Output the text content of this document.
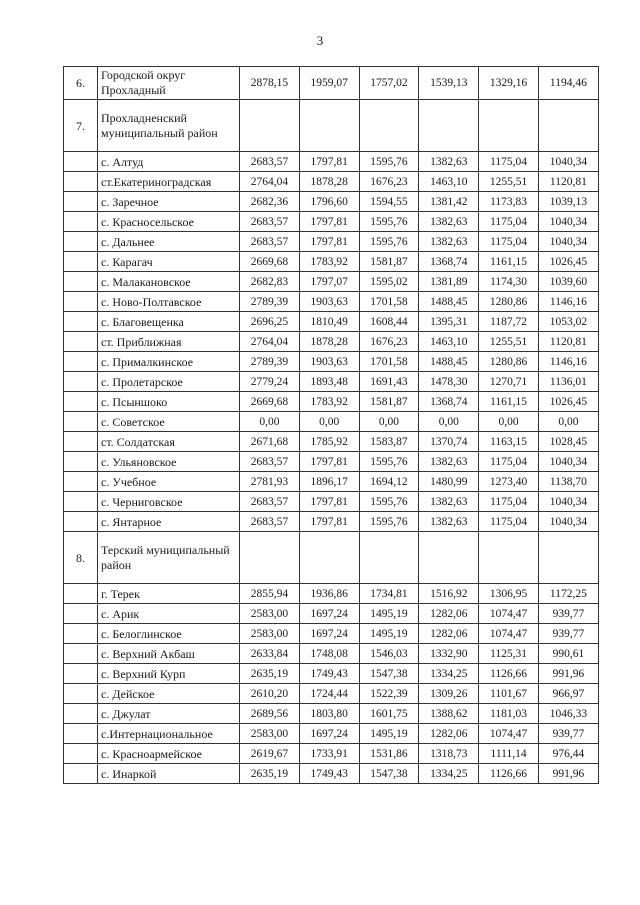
3
6.	Городской округ Прохладный	2878,15	1959,07	1757,02	1539,13	1329,16	1194,46
7.	Прохладненский муниципальный район						
	с. Алтуд	2683,57	1797,81	1595,76	1382,63	1175,04	1040,34
	ст.Екатериноградская	2764,04	1878,28	1676,23	1463,10	1255,51	1120,81
	с. Заречное	2682,36	1796,60	1594,55	1381,42	1173,83	1039,13
	с. Красносельское	2683,57	1797,81	1595,76	1382,63	1175,04	1040,34
	с. Дальнее	2683,57	1797,81	1595,76	1382,63	1175,04	1040,34
	с. Карагач	2669,68	1783,92	1581,87	1368,74	1161,15	1026,45
	с. Малакановское	2682,83	1797,07	1595,02	1381,89	1174,30	1039,60
	с. Ново-Полтавское	2789,39	1903,63	1701,58	1488,45	1280,86	1146,16
	с. Благовещенка	2696,25	1810,49	1608,44	1395,31	1187,72	1053,02
	ст. Приближная	2764,04	1878,28	1676,23	1463,10	1255,51	1120,81
	с. Прималкинское	2789,39	1903,63	1701,58	1488,45	1280,86	1146,16
	с. Пролетарское	2779,24	1893,48	1691,43	1478,30	1270,71	1136,01
	с. Псыншоко	2669,68	1783,92	1581,87	1368,74	1161,15	1026,45
	с. Советское	0,00	0,00	0,00	0,00	0,00	0,00
	ст. Солдатская	2671,68	1785,92	1583,87	1370,74	1163,15	1028,45
	с. Ульяновское	2683,57	1797,81	1595,76	1382,63	1175,04	1040,34
	с. Учебное	2781,93	1896,17	1694,12	1480,99	1273,40	1138,70
	с. Черниговское	2683,57	1797,81	1595,76	1382,63	1175,04	1040,34
	с. Янтарное	2683,57	1797,81	1595,76	1382,63	1175,04	1040,34
8.	Терский муниципальный район						
	г. Терек	2855,94	1936,86	1734,81	1516,92	1306,95	1172,25
	с. Арик	2583,00	1697,24	1495,19	1282,06	1074,47	939,77
	с. Белоглинское	2583,00	1697,24	1495,19	1282,06	1074,47	939,77
	с. Верхний Акбаш	2633,84	1748,08	1546,03	1332,90	1125,31	990,61
	с. Верхний Курп	2635,19	1749,43	1547,38	1334,25	1126,66	991,96
	с. Дейское	2610,20	1724,44	1522,39	1309,26	1101,67	966,97
	с. Джулат	2689,56	1803,80	1601,75	1388,62	1181,03	1046,33
	с.Интернациональное	2583,00	1697,24	1495,19	1282,06	1074,47	939,77
	с. Красноармейское	2619,67	1733,91	1531,86	1318,73	1111,14	976,44
	с. Инаркой	2635,19	1749,43	1547,38	1334,25	1126,66	991,96
